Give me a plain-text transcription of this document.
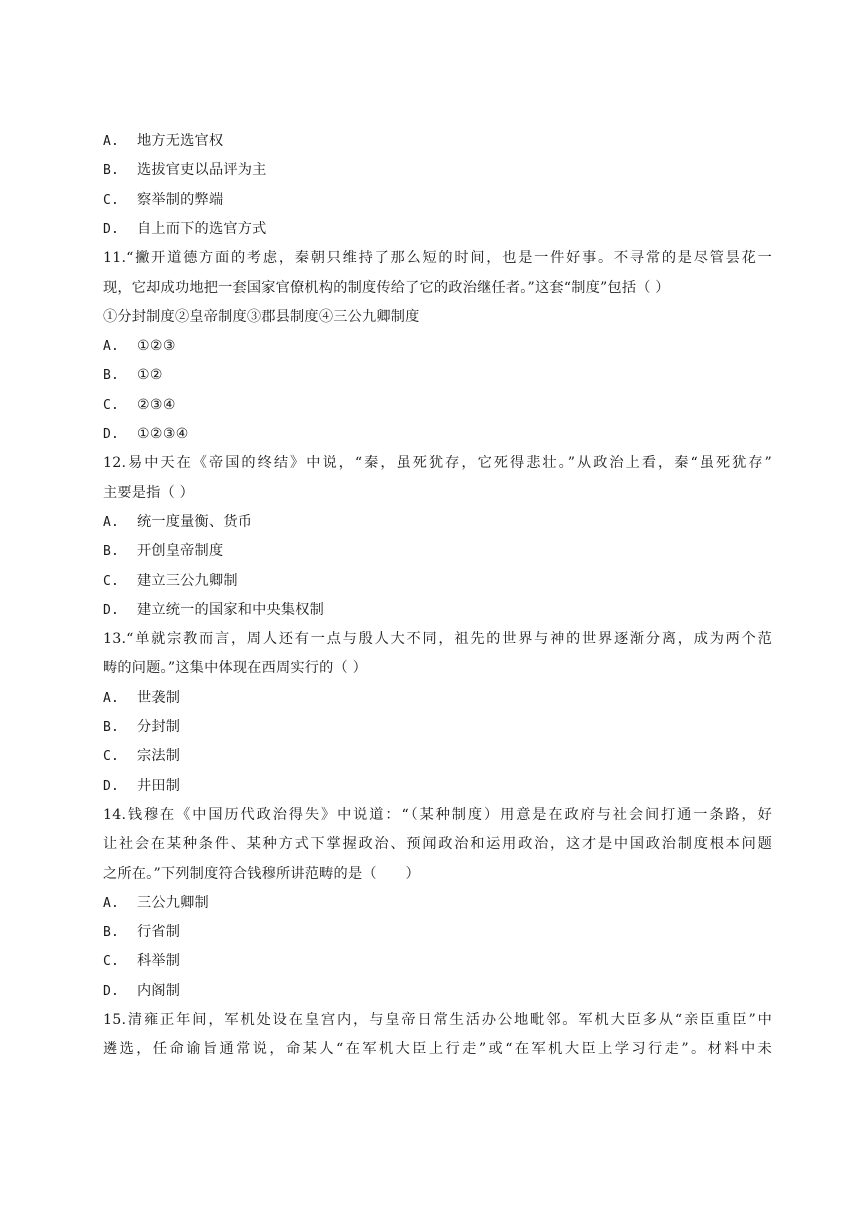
A. 地方无选官权
B. 选拔官吏以品评为主
C. 察举制的弊端
D. 自上而下的选官方式
11.“撇开道德方面的考虑，秦朝只维持了那么短的时间，也是一件好事。不寻常的是尽管昙花一
现，它却成功地把一套国家官僚机构的制度传给了它的政治继任者。”这套“制度”包括（ ）
①分封制度②皇帝制度③郡县制度④三公九卿制度
A. ①②③
B. ①②
C. ②③④
D. ①②③④
12.易中天在《帝国的终结》中说，“秦，虽死犹存，它死得悲壮。”从政治上看，秦“虽死犹存”
主要是指（ ）
A. 统一度量衡、货币
B. 开创皇帝制度
C. 建立三公九卿制
D. 建立统一的国家和中央集权制
13.“单就宗教而言，周人还有一点与殷人大不同，祖先的世界与神的世界逐渐分离，成为两个范
畴的问题。”这集中体现在西周实行的（ ）
A. 世袭制
B. 分封制
C. 宗法制
D. 井田制
14.钱穆在《中国历代政治得失》中说道：“（某种制度）用意是在政府与社会间打通一条路，好
让社会在某种条件、某种方式下掌握政治、预闻政治和运用政治，这才是中国政治制度根本问题
之所在。”下列制度符合钱穆所讲范畴的是（　　）
A. 三公九卿制
B. 行省制
C. 科举制
D. 内阁制
15.清雍正年间，军机处设在皇宫内，与皇帝日常生活办公地毗邻。军机大臣多从“亲臣重臣”中
遴选，任命谕旨通常说，命某人“在军机大臣上行走”或“在军机大臣上学习行走”。材料中未
